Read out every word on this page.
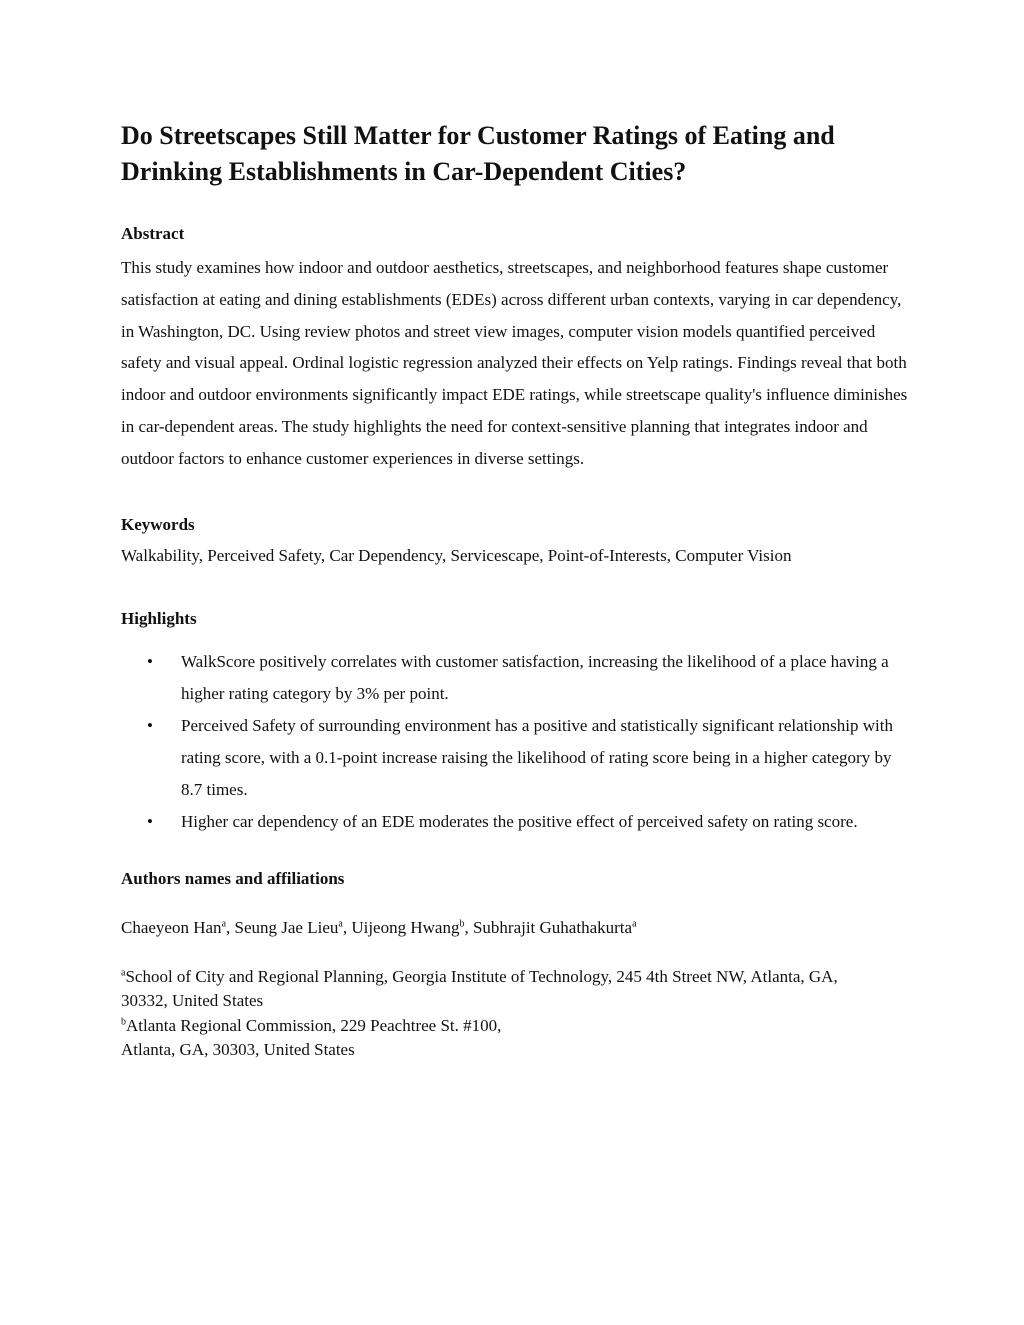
Do Streetscapes Still Matter for Customer Ratings of Eating and
Drinking Establishments in Car-Dependent Cities?
Abstract

This study examines how indoor and outdoor aesthetics, streetscapes, and neighborhood features shape customer satisfaction at eating and dining establishments (EDEs) across different urban contexts, varying in car dependency, in Washington, DC. Using review photos and street view images, computer vision models quantified perceived safety and visual appeal. Ordinal logistic regression analyzed their effects on Yelp ratings. Findings reveal that both indoor and outdoor environments significantly impact EDE ratings, while streetscape quality's influence diminishes in car-dependent areas. The study highlights the need for context-sensitive planning that integrates indoor and outdoor factors to enhance customer experiences in diverse settings.

Keywords

Walkability, Perceived Safety, Car Dependency, Servicescape, Point-of-Interests, Computer Vision

Highlights
• WalkScore positively correlates with customer satisfaction, increasing the likelihood of a place having a higher rating category by 3% per point.
• Perceived Safety of surrounding environment has a positive and statistically significant relationship with rating score, with a 0.1-point increase raising the likelihood of rating score being in a higher category by 8.7 times.
• Higher car dependency of an EDE moderates the positive effect of perceived safety on rating score.
Authors names and affiliations

Chaeyeon Han$^a$, Seung Jae Lieu$^a$, Uijeong Hwang$^b$, Subhrajit Guhathakurta$^a$

$^a$School of City and Regional Planning, Georgia Institute of Technology, 245 4th Street NW, Atlanta, GA,
30332, United States

$^b$Atlanta Regional Commission, 229 Peachtree St. #100,
Atlanta, GA, 30303, United States
